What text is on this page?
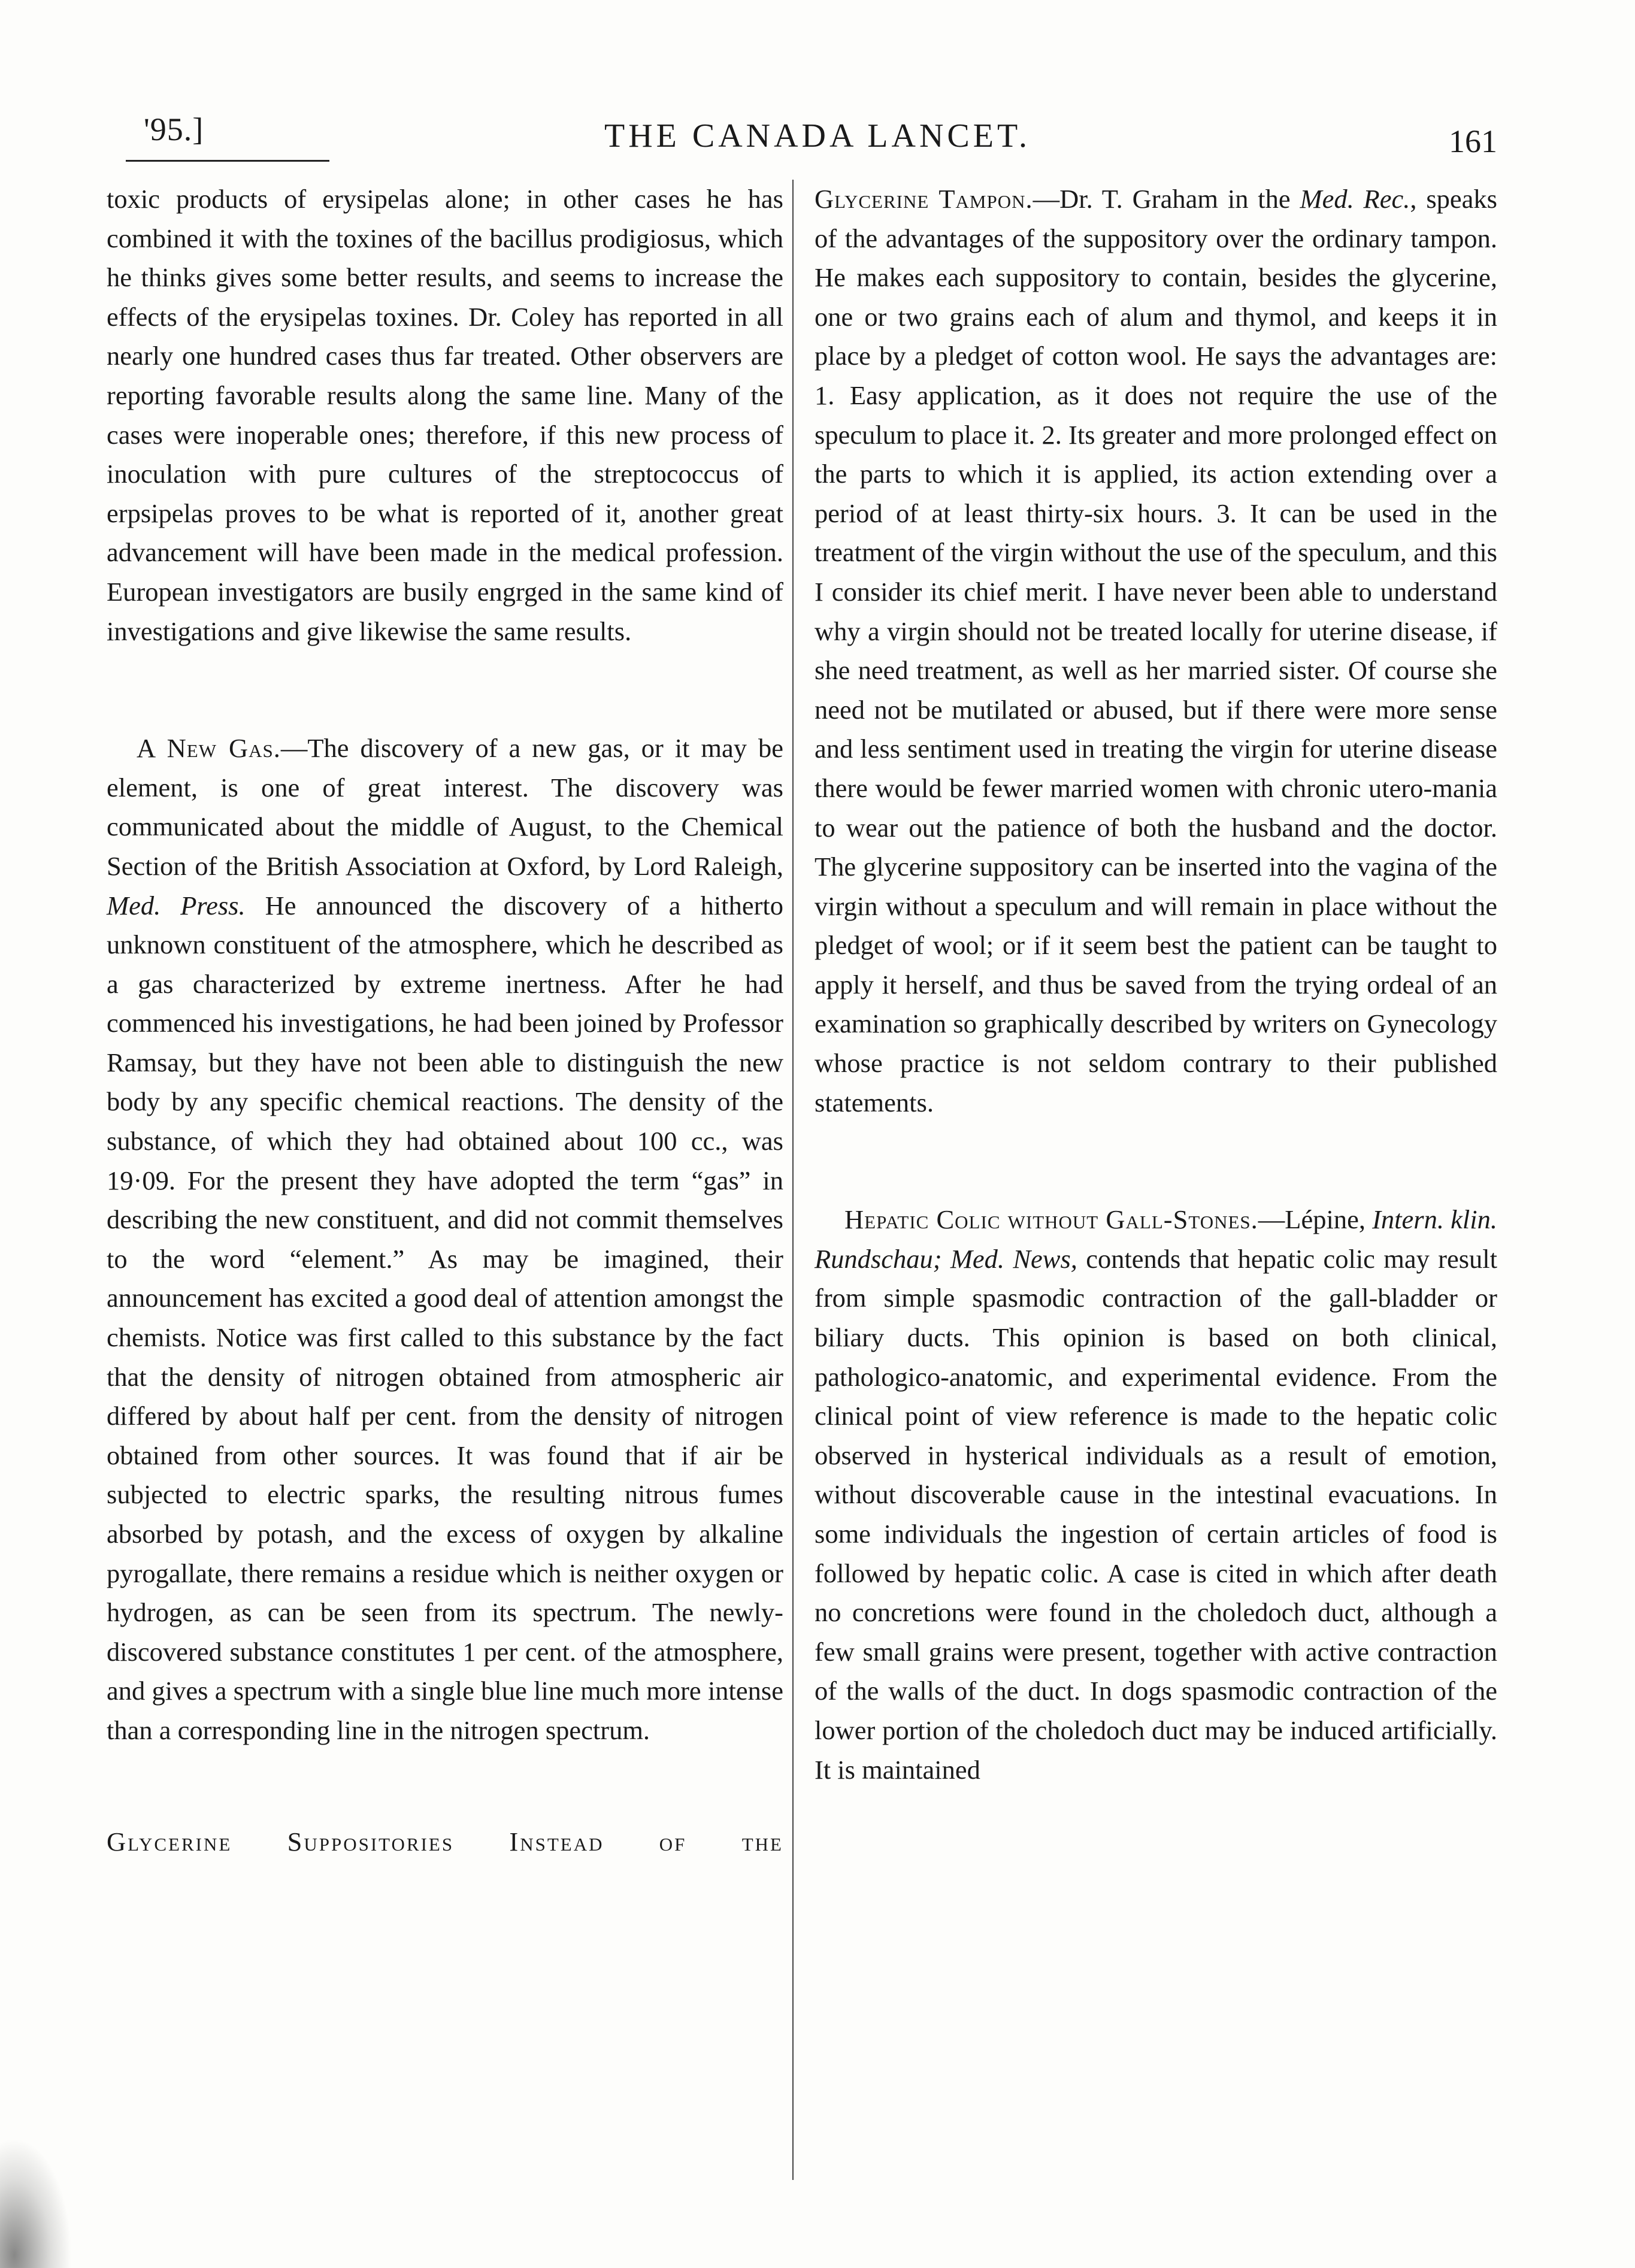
'95.]	THE CANADA LANCET.	161

toxic products of erysipelas alone; in other cases he has combined it with the toxines of the bacillus prodigiosus, which he thinks gives some better results, and seems to increase the effects of the erysipelas toxines. Dr. Coley has reported in all nearly one hundred cases thus far treated. Other observers are reporting favorable results along the same line. Many of the cases were inoperable ones; therefore, if this new process of inoculation with pure cultures of the streptococcus of erpsipelas proves to be what is reported of it, another great advancement will have been made in the medical profession. European investigators are busily engrged in the same kind of investigations and give likewise the same results.

A New Gas.—The discovery of a new gas, or it may be element, is one of great interest. The discovery was communicated about the middle of August, to the Chemical Section of the British Association at Oxford, by Lord Raleigh, Med. Press. He announced the discovery of a hitherto unknown constituent of the atmosphere, which he described as a gas characterized by extreme inertness. After he had commenced his investigations, he had been joined by Professor Ramsay, but they have not been able to distinguish the new body by any specific chemical reactions. The density of the substance, of which they had obtained about 100 cc., was 19·09. For the present they have adopted the term “gas” in describing the new constituent, and did not commit themselves to the word “element.” As may be imagined, their announcement has excited a good deal of attention amongst the chemists. Notice was first called to this substance by the fact that the density of nitrogen obtained from atmospheric air differed by about half per cent. from the density of nitrogen obtained from other sources. It was found that if air be subjected to electric sparks, the resulting nitrous fumes absorbed by potash, and the excess of oxygen by alkaline pyrogallate, there remains a residue which is neither oxygen or hydrogen, as can be seen from its spectrum. The newly-discovered substance constitutes 1 per cent. of the atmosphere, and gives a spectrum with a single blue line much more intense than a corresponding line in the nitrogen spectrum.

Glycerine Suppositories Instead of the

Glycerine Tampon.—Dr. T. Graham in the Med. Rec., speaks of the advantages of the suppository over the ordinary tampon. He makes each suppository to contain, besides the glycerine, one or two grains each of alum and thymol, and keeps it in place by a pledget of cotton wool. He says the advantages are: 1. Easy application, as it does not require the use of the speculum to place it. 2. Its greater and more prolonged effect on the parts to which it is applied, its action extending over a period of at least thirty-six hours. 3. It can be used in the treatment of the virgin without the use of the speculum, and this I consider its chief merit. I have never been able to understand why a virgin should not be treated locally for uterine disease, if she need treatment, as well as her married sister. Of course she need not be mutilated or abused, but if there were more sense and less sentiment used in treating the virgin for uterine disease there would be fewer married women with chronic utero-mania to wear out the patience of both the husband and the doctor. The glycerine suppository can be inserted into the vagina of the virgin without a speculum and will remain in place without the pledget of wool; or if it seem best the patient can be taught to apply it herself, and thus be saved from the trying ordeal of an examination so graphically described by writers on Gynecology whose practice is not seldom contrary to their published statements.

Hepatic Colic without Gall-Stones.—Lépine, Intern. klin. Rundschau; Med. News, contends that hepatic colic may result from simple spasmodic contraction of the gall-bladder or biliary ducts. This opinion is based on both clinical, pathologico-anatomic, and experimental evidence. From the clinical point of view reference is made to the hepatic colic observed in hysterical individuals as a result of emotion, without discoverable cause in the intestinal evacuations. In some individuals the ingestion of certain articles of food is followed by hepatic colic. A case is cited in which after death no concretions were found in the choledoch duct, although a few small grains were present, together with active contraction of the walls of the duct. In dogs spasmodic contraction of the lower portion of the choledoch duct may be induced artificially. It is maintained
